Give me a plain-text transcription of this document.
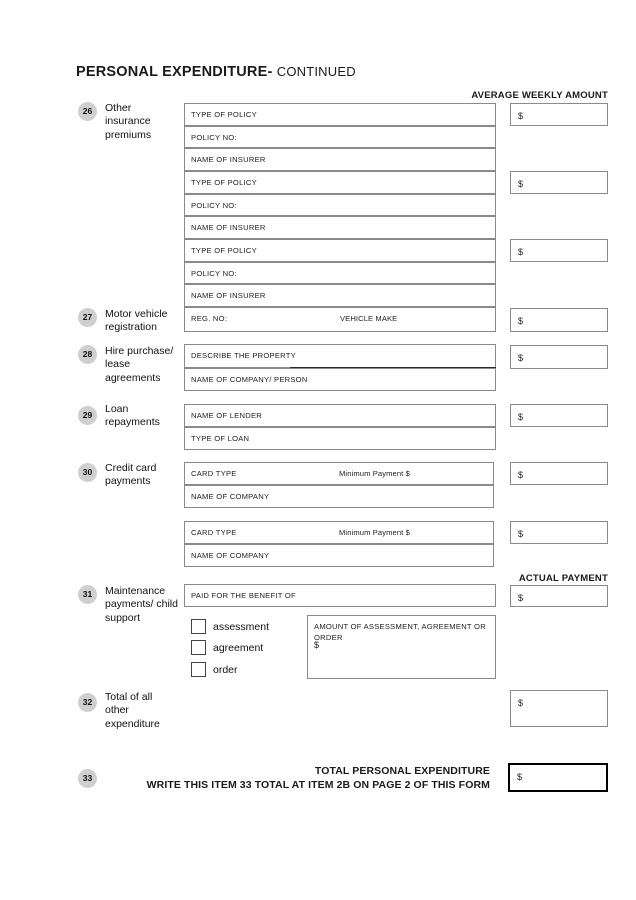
PERSONAL EXPENDITURE- CONTINUED
AVERAGE WEEKLY AMOUNT
ACTUAL PAYMENT
26	Other
insurance
premiums
TYPE OF POLICY
POLICY NO:
NAME OF INSURER
$
TYPE OF POLICY
POLICY NO:
NAME OF INSURER
$
TYPE OF POLICY
POLICY NO:
NAME OF INSURER
$
27	Motor vehicle
registration
REG. NO:	VEHICLE MAKE	$
28	Hire purchase/
lease
agreements
DESCRIBE THE PROPERTY
NAME OF COMPANY/ PERSON
$
29	Loan
repayments
NAME OF LENDER
TYPE OF LOAN
$
30	Credit card
payments
CARD TYPE	Minimum Payment $
NAME OF COMPANY
$
CARD TYPE	Minimum Payment $
NAME OF COMPANY
$
31	Maintenance
payments/ child
support
PAID FOR THE BENEFIT OF	$
assessment
agreement
order
AMOUNT OF ASSESSMENT, AGREEMENT OR ORDER
$
32	Total of all
other
expenditure
$
33
TOTAL PERSONAL EXPENDITURE
WRITE THIS ITEM 33 TOTAL AT ITEM 2B ON PAGE 2 OF THIS FORM
$
